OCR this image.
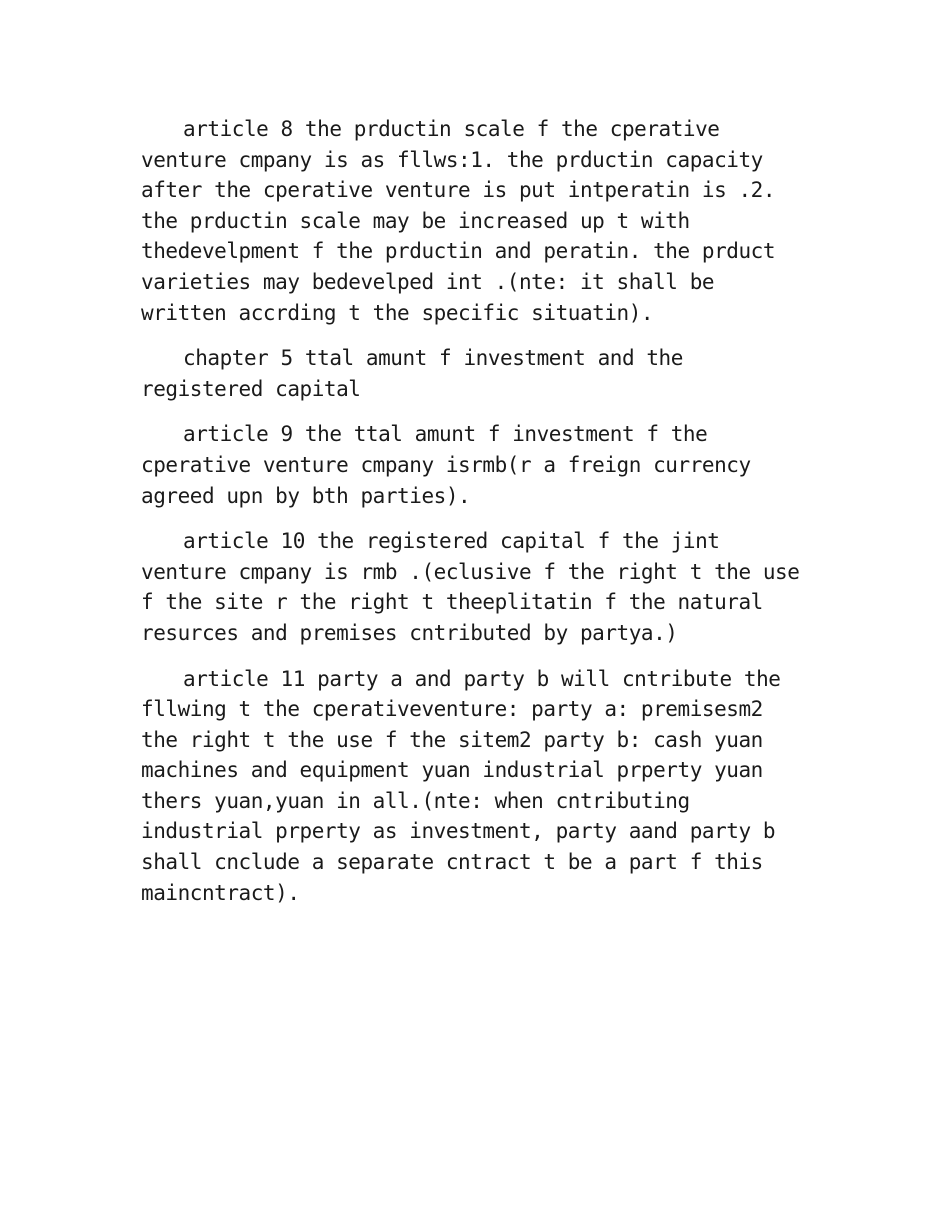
article 8 the prductin scale f the cperative
venture cmpany is as fllws:1. the prductin capacity
after the cperative venture is put intperatin is .2.
the prductin scale may be increased up t with
thedevelpment f the prductin and peratin. the prduct
varieties may bedevelped int .(nte: it shall be
written accrding t the specific situatin).

chapter 5 ttal amunt f investment and the
registered capital

article 9 the ttal amunt f investment f the
cperative venture cmpany isrmb(r a freign currency
agreed upn by bth parties).

article 10 the registered capital f the jint
venture cmpany is rmb .(eclusive f the right t the use
f the site r the right t theeplitatin f the natural
resurces and premises cntributed by partya.)

article 11 party a and party b will cntribute the
fllwing t the cperativeventure: party a: premisesm2
the right t the use f the sitem2 party b: cash yuan
machines and equipment yuan industrial prperty yuan
thers yuan,yuan in all.(nte: when cntributing
industrial prperty as investment, party aand party b
shall cnclude a separate cntract t be a part f this
maincntract).
